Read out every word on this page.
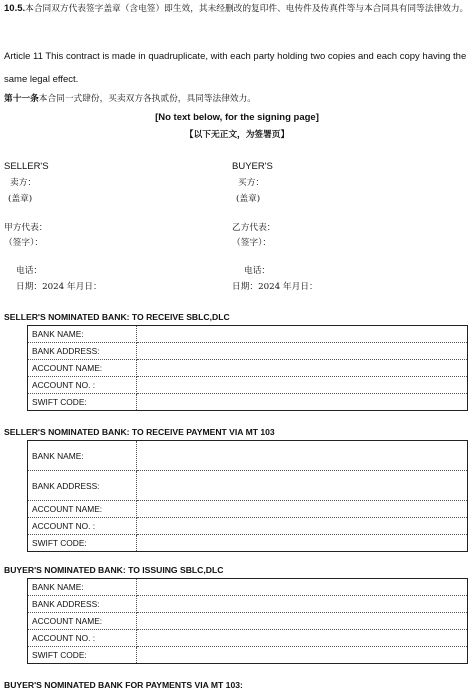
10.5.本合同双方代表签字盖章（含电签）即生效，其未经删改的复印件、电传件及传真件等与本合同具有同等法律效力。
Article 11 This contract is made in quadruplicate, with each party holding two copies and each copy having the same legal effect.
第十一条本合同一式肆份，买卖双方各执贰份，具同等法律效力。
[No text below, for the signing page]
【以下无正文，为签署页】
SELLER'S
卖方：
(盖章)
甲方代表：
（签字）：
电话：
日期：2024 年月日：
BUYER'S
买方：
(盖章)
乙方代表：
（签字）：
电话：
日期：2024 年月日：
SELLER'S NOMINATED BANK: TO RECEIVE SBLC,DLC
BANK NAME:	
BANK ADDRESS:	
ACCOUNT NAME:	
ACCOUNT NO. :	
SWIFT CODE:	
SELLER'S NOMINATED BANK: TO RECEIVE PAYMENT VIA MT 103
BANK NAME:	
BANK ADDRESS:	
ACCOUNT NAME:	
ACCOUNT NO. :	
SWIFT CODE:	
BUYER'S NOMINATED BANK: TO ISSUING SBLC,DLC
BANK NAME:	
BANK ADDRESS:	
ACCOUNT NAME:	
ACCOUNT NO. :	
SWIFT CODE:	
BUYER'S NOMINATED BANK FOR PAYMENTS VIA MT 103:
